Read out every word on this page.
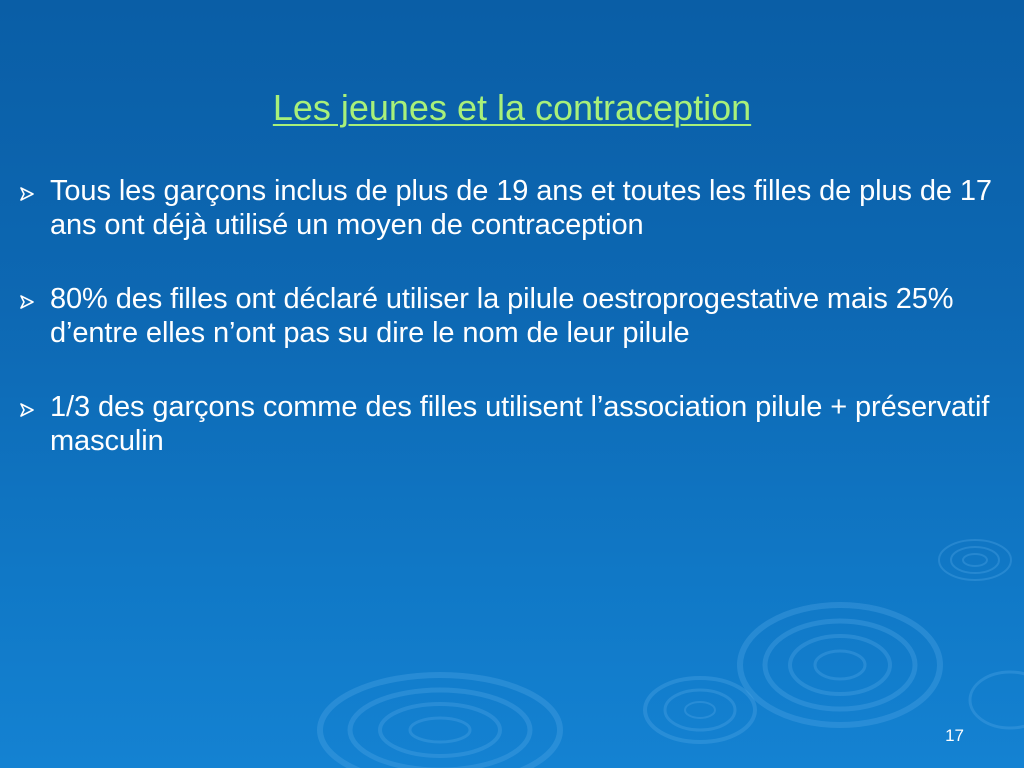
Les jeunes et la contraception
Tous les garçons inclus de plus de 19 ans et toutes les filles de plus de 17 ans ont déjà utilisé un moyen de contraception
80% des filles ont déclaré utiliser la pilule oestroprogestative mais 25% d’entre elles n’ont pas su dire le nom de leur pilule
1/3 des garçons comme des filles utilisent l’association pilule + préservatif masculin
17
